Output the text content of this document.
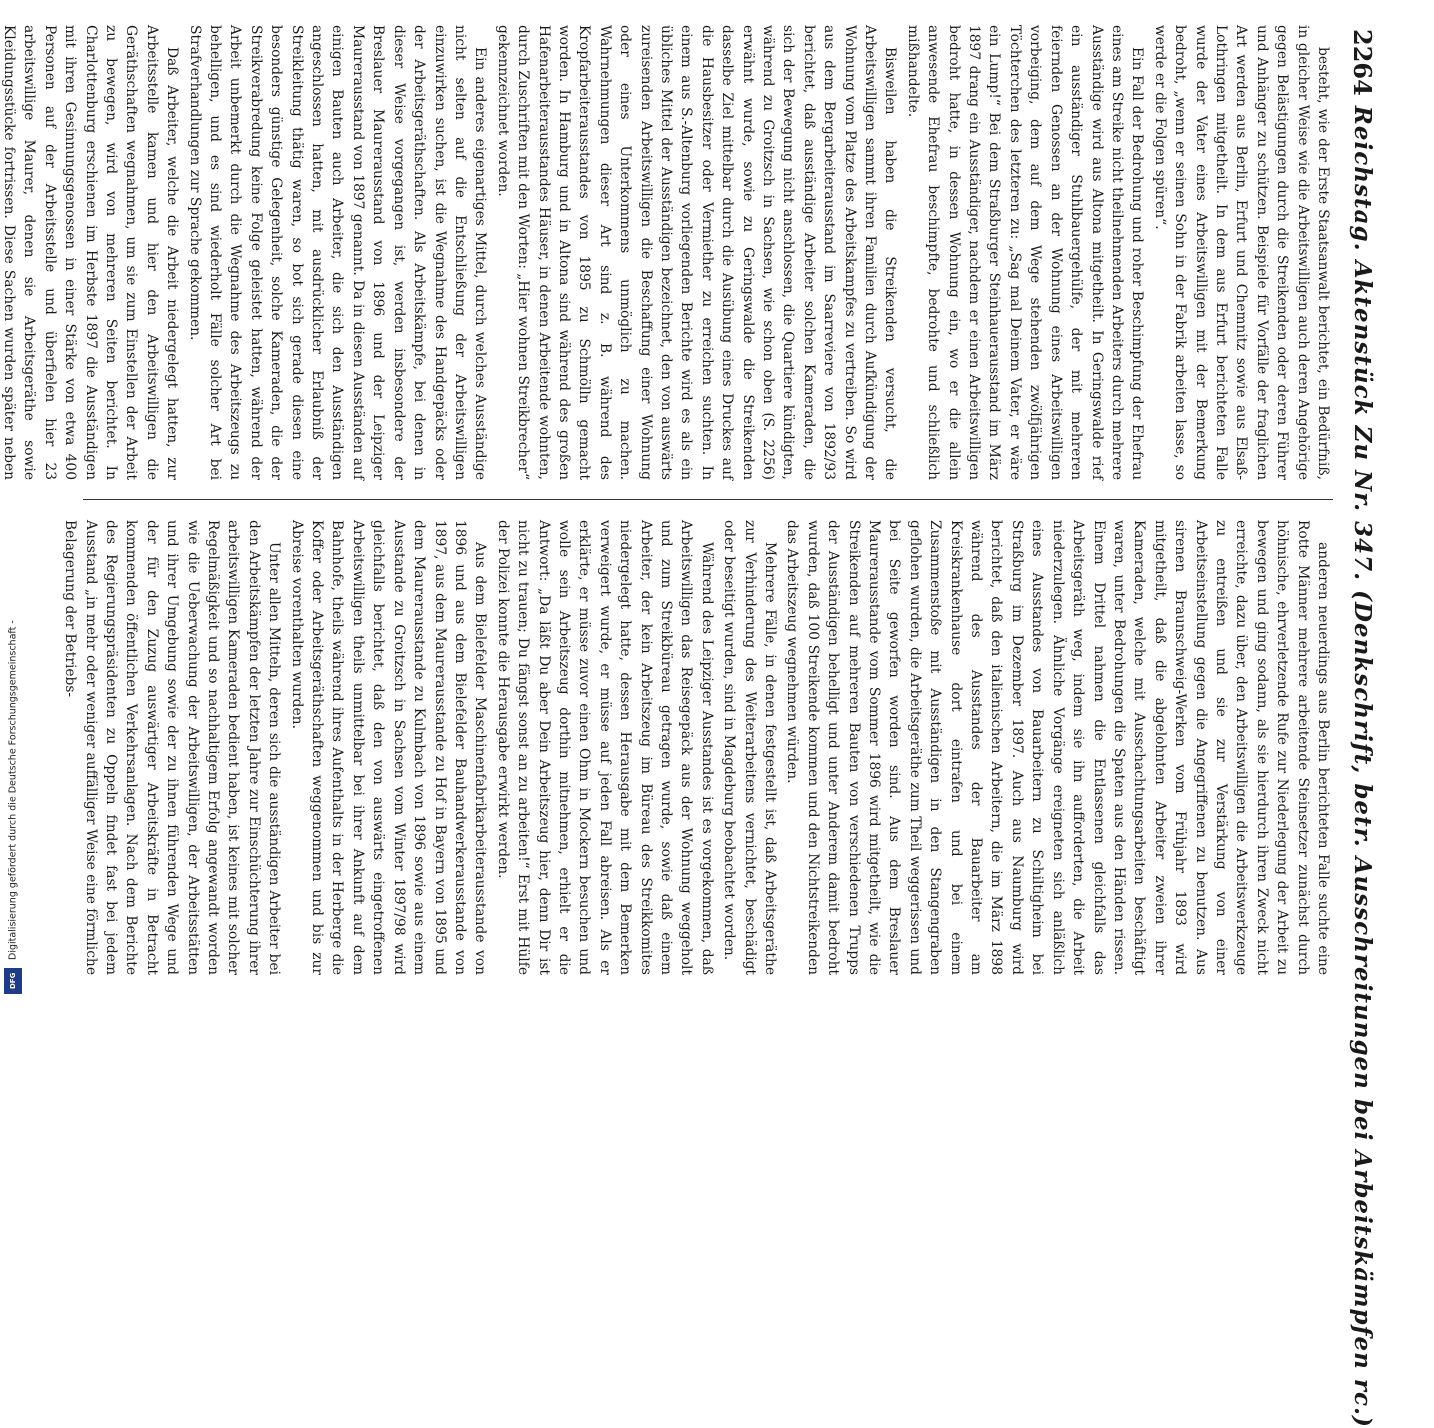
Digitalisierung gefördert durch die Deutsche Forschungsgemeinschaft -
DFG
2264
Reichstag. Aktenstück Zu Nr. 347. (Denkschrift, betr. Ausschreitungen bei Arbeitskämpfen rc.)

besteht, wie der Erste Staatsanwalt berichtet, ein Bedürfniß, in gleicher Weise wie die Arbeitswilligen auch deren Angehörige gegen Belästigungen durch die Streikenden oder deren Führer und Anhänger zu schützen. Beispiele für Vorfälle der fraglichen Art werden aus Berlin, Erfurt und Chemnitz sowie aus Elsaß-Lothringen mitgetheilt. In dem aus Erfurt berichteten Falle wurde der Vater eines Arbeitswilligen mit der Bemerkung bedroht, „wenn er seinen Sohn in der Fabrik arbeiten lasse, so werde er die Folgen spüren“.

Ein Fall der Bedrohung und roher Beschimpfung der Ehefrau eines am Streike nicht theilnehmenden Arbeiters durch mehrere Ausständige wird aus Altona mitgetheilt. In Geringswalde rief ein ausständiger Stuhlbauergehülfe, der mit mehreren feiernden Genossen an der Wohnung eines Arbeitswilligen vorbeiging, dem auf dem Wege stehenden zwölfjährigen Töchterchen des letzteren zu: „Sag mal Deinem Vater, er wäre ein Lump!“ Bei dem Straßburger Steinhauerausstand im März 1897 drang ein Ausständiger, nachdem er einen Arbeitswilligen bedroht hatte, in dessen Wohnung ein, wo er die allein anwesende Ehefrau beschimpfte, bedrohte und schließlich mißhandelte.

Bisweilen haben die Streikenden versucht, die Arbeitswilligen sammt ihren Familien durch Aufkündigung der Wohnung vom Platze des Arbeitskampfes zu vertreiben. So wird aus dem Bergarbeiterausstand im Saarreviere von 1892/93 berichtet, daß ausständige Arbeiter solchen Kameraden, die sich der Bewegung nicht anschlossen, die Quartiere kündigten, während zu Groitzsch in Sachsen, wie schon oben (S. 2256) erwähnt wurde, sowie zu Geringswalde die Streikenden dasselbe Ziel mittelbar durch die Ausübung eines Druckes auf die Hausbesitzer oder Vermiether zu erreichen suchten. In einem aus S.-Altenburg vorliegenden Berichte wird es als ein übliches Mittel der Ausständigen bezeichnet, den von auswärts zureisenden Arbeitswilligen die Beschaffung einer Wohnung oder eines Unterkommens unmöglich zu machen. Wahrnehmungen dieser Art sind z. B. während des Kropfarbeiterausstandes von 1895 zu Schmölln gemacht worden. In Hamburg und in Altona sind während des großen Hafenarbeiterausstandes Häuser, in denen Arbeitende wohnten, durch Zuschriften mit den Worten: „Hier wohnen Streikbrecher“ gekennzeichnet worden.

Ein anderes eigenartiges Mittel, durch welches Ausständige nicht selten auf die Entschließung der Arbeitswilligen einzuwirken suchen, ist die Wegnahme des Handgepäcks oder der Arbeitsgeräthschaften. Als Arbeitskämpfe, bei denen in dieser Weise vorgegangen ist, werden insbesondere der Breslauer Maurerausstand von 1896 und der Leipziger Maurerausstand von 1897 genannt. Da in diesen Ausständen auf einigen Bauten auch Arbeiter, die sich den Ausständigen angeschlossen hatten, mit ausdrücklicher Erlaubniß der Streikleitung thätig waren, so bot sich gerade diesen eine besonders günstige Gelegenheit, solche Kameraden, die der Streikverabredung keine Folge geleistet hatten, während der Arbeit unbemerkt durch die Wegnahme des Arbeitszeugs zu behelligen, und es sind wiederholt Fälle solcher Art bei Strafverhandlungen zur Sprache gekommen.

Daß Arbeiter, welche die Arbeit niedergelegt hatten, zur Arbeitsstelle kamen und hier den Arbeitswilligen die Geräthschaften wegnahmen, um sie zum Einstellen der Arbeit zu bewegen, wird von mehreren Seiten berichtet. In Charlottenburg erschienen im Herbste 1897 die Ausständigen mit ihren Gesinnungsgenossen in einer Stärke von etwa 400 Personen auf der Arbeitsstelle und überfielen hier 23 arbeitswillige Maurer, denen sie Arbeitsgeräthe sowie Kleidungsstücke fortrissen. Diese Sachen wurden später neben

anderen neuerdings aus Berlin berichteten Falle suchte eine Rotte Männer mehrere arbeitende Steinsetzer zunächst durch höhnische, ehrverletzende Rufe zur Niederlegung der Arbeit zu bewegen und ging sodann, als sie hierdurch ihren Zweck nicht erreichte, dazu über, den Arbeitswilligen die Arbeitswerkzeuge zu entreißen und sie zur Verstärkung von einer Arbeitseinstellung gegen die Angegriffenen zu benutzen. Aus sirenen Braunschweig-Werken vom Frühjahr 1893 wird mitgetheilt, daß die abgelohnten Arbeiter zweien ihrer Kameraden, welche mit Ausschachtungsarbeiten beschäftigt waren, unter Bedrohungen die Spaten aus den Händen rissen. Einem Drittel nahmen die Entlassenen gleichfalls das Arbeitsgeräth weg, indem sie ihn aufforderten, die Arbeit niederzulegen. Ähnliche Vorgänge ereigneten sich anläßlich eines Ausstandes von Bauarbeitern zu Schiltigheim bei Straßburg im Dezember 1897. Auch aus Naumburg wird berichtet, daß den italienischen Arbeitern, die im März 1898 während des Ausstandes der Bauarbeiter am Kreiskrankenhause dort eintrafen und bei einem Zusammenstoße mit Ausständigen in den Stangengraben geflohen wurden, die Arbeitsgeräthe zum Theil weggerissen und bei Seite geworfen worden sind. Aus dem Breslauer Maurerausstande vom Sommer 1896 wird mitgetheilt, wie die Streikenden auf mehreren Bauten von verschiedenen Trupps der Ausständigen behelligt und unter Anderem damit bedroht wurden, daß 100 Streikende kommen und den Nichtstreikenden das Arbeitszeug wegnehmen würden.

Mehrere Fälle, in denen festgestellt ist, daß Arbeitsgeräthe zur Verhinderung des Weiterarbeitens vernichtet, beschädigt oder beseitigt wurden, sind in Magdeburg beobachtet worden.

Während des Leipziger Ausstandes ist es vorgekommen, daß Arbeitswilligen das Reisegepäck aus der Wohnung weggeholt und zum Streikbüreau getragen wurde, sowie daß einem Arbeiter, der kein Arbeitszeug im Büreau des Streikkomites niedergelegt hatte, dessen Herausgabe mit dem Bemerken verweigert wurde, er müsse auf jeden Fall abreisen. Als er erklärte, er müsse zuvor einen Ohm in Mockern besuchen und wolle sein Arbeitszeug dorthin mitnehmen, erhielt er die Antwort: „Da läßt Du aber Dein Arbeitszeug hier, denn Dir ist nicht zu trauen; Du fängst sonst an zu arbeiten!“ Erst mit Hülfe der Polizei konnte die Herausgabe erwirkt werden.

Aus dem Bielefelder Maschinenfabrikarbeiterausstande von 1896 und aus dem Bielefelder Bauhandwerkerausstande von 1897, aus dem Maurerausstande zu Hof in Bayern von 1895 und dem Maurerausstande zu Kulmbach von 1896 sowie aus einem Ausstande zu Groitzsch in Sachsen vom Winter 1897/98 wird gleichfalls berichtet, daß den von auswärts eingetroffenen Arbeitswilligen theils unmittelbar bei ihrer Ankunft auf dem Bahnhofe, theils während ihres Aufenthalts in der Herberge die Koffer oder Arbeitsgeräthschaften weggenommen und bis zur Abreise vorenthalten wurden.

Unter allen Mitteln, deren sich die ausständigen Arbeiter bei den Arbeitskämpfen der letzten Jahre zur Einschüchterung ihrer arbeitswilligen Kameraden bedient haben, ist keines mit solcher Regelmäßigkeit und so nachhaltigem Erfolg angewandt worden wie die Ueberwachung der Arbeitswilligen, der Arbeitsstätten und ihrer Umgebung sowie der zu ihnen führenden Wege und der für den Zuzug auswärtiger Arbeitskräfte in Betracht kommenden öffentlichen Verkehrsanlagen. Nach dem Berichte des Regierungspräsidenten zu Oppeln findet fast bei jedem Ausstand „in mehr oder weniger auffälliger Weise eine förmliche Belagerung der Betriebs-
